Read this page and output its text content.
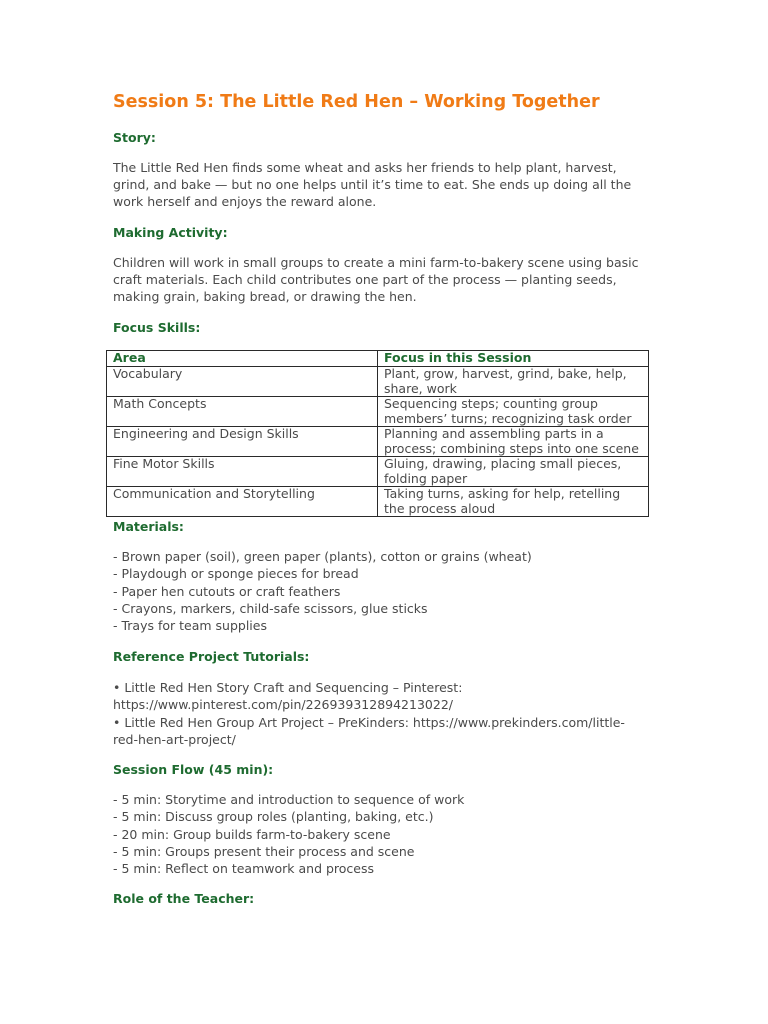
Session 5: The Little Red Hen – Working Together
Story:
The Little Red Hen finds some wheat and asks her friends to help plant, harvest, grind, and bake — but no one helps until it’s time to eat. She ends up doing all the work herself and enjoys the reward alone.
Making Activity:
Children will work in small groups to create a mini farm-to-bakery scene using basic craft materials. Each child contributes one part of the process — planting seeds, making grain, baking bread, or drawing the hen.
Focus Skills:
Area	Focus in this Session
Vocabulary	Plant, grow, harvest, grind, bake, help, share, work
Math Concepts	Sequencing steps; counting group members’ turns; recognizing task order
Engineering and Design Skills	Planning and assembling parts in a process; combining steps into one scene
Fine Motor Skills	Gluing, drawing, placing small pieces, folding paper
Communication and Storytelling	Taking turns, asking for help, retelling the process aloud
Materials:
- Brown paper (soil), green paper (plants), cotton or grains (wheat)
- Playdough or sponge pieces for bread
- Paper hen cutouts or craft feathers
- Crayons, markers, child-safe scissors, glue sticks
- Trays for team supplies
Reference Project Tutorials:
• Little Red Hen Story Craft and Sequencing – Pinterest:
https://www.pinterest.com/pin/226939312894213022/
• Little Red Hen Group Art Project – PreKinders: https://www.prekinders.com/little-
red-hen-art-project/
Session Flow (45 min):
- 5 min: Storytime and introduction to sequence of work
- 5 min: Discuss group roles (planting, baking, etc.)
- 20 min: Group builds farm-to-bakery scene
- 5 min: Groups present their process and scene
- 5 min: Reflect on teamwork and process
Role of the Teacher:
